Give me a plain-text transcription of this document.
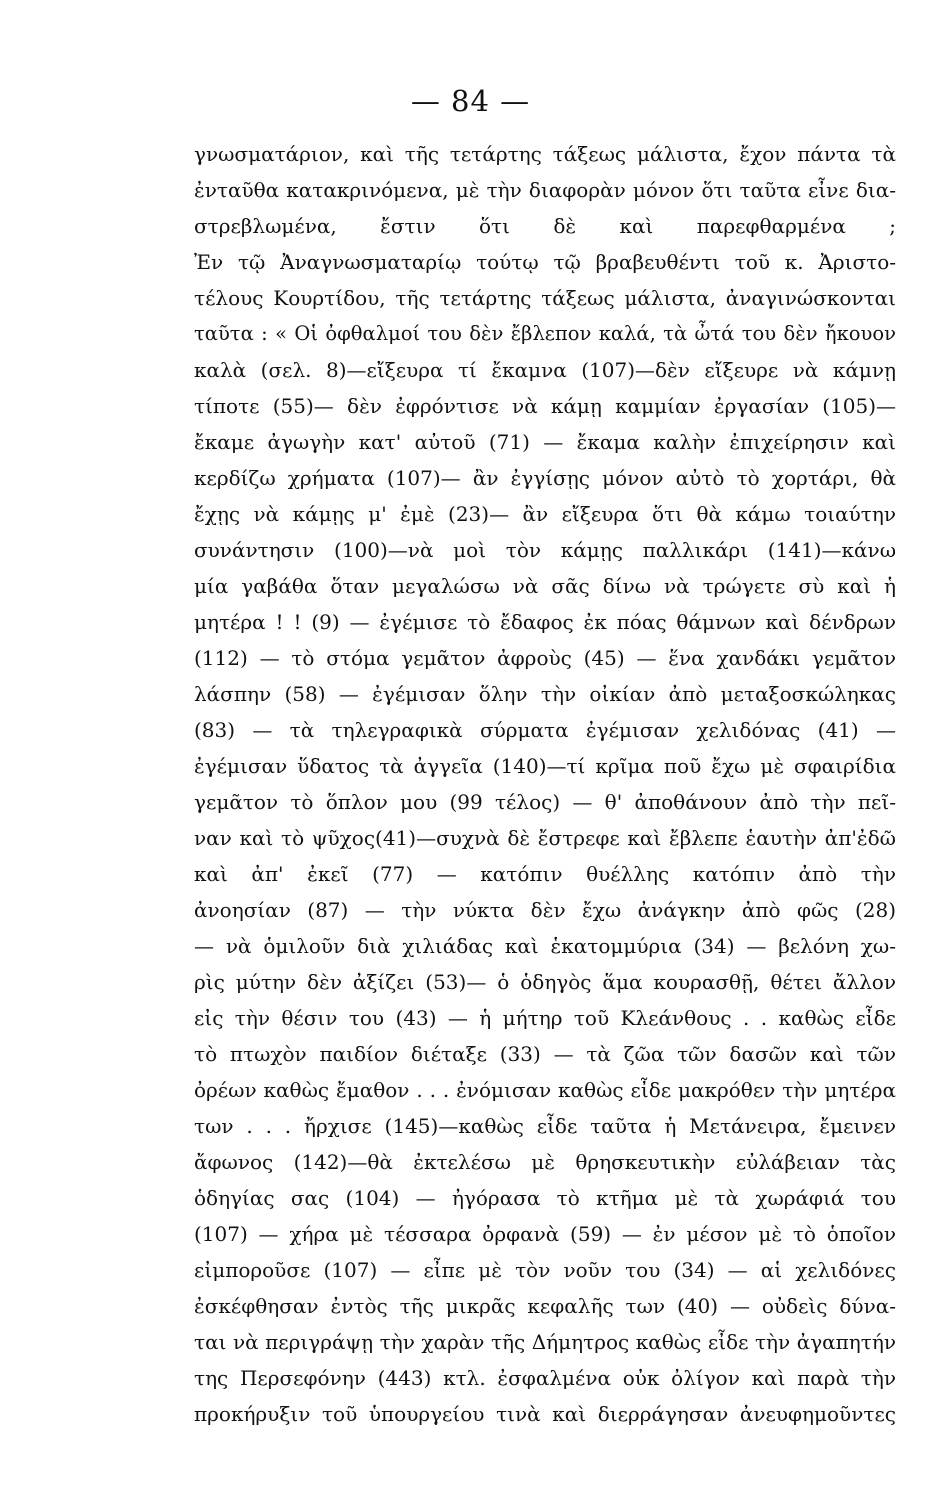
— 84 —
γνωσματάριον, καὶ τῆς τετάρτης τάξεως μάλιστα, ἔχον πάντα τὰ
ἐνταῦθα κατακρινόμενα, μὲ τὴν διαφορὰν μόνον ὅτι ταῦτα εἶνε δια-
στρεβλωμένα, ἔστιν ὅτι δὲ καὶ παρεφθαρμένα ;
Ἐν τῷ Ἀναγνωσματαρίῳ τούτῳ τῷ βραβευθέντι τοῦ κ. Ἀριστο-
τέλους Κουρτίδου, τῆς τετάρτης τάξεως μάλιστα, ἀναγινώσκονται
ταῦτα : « Οἱ ὀφθαλμοί του δὲν ἔβλεπον καλά, τὰ ὦτά του δὲν ἤκουον
καλὰ (σελ. 8)—εἴξευρα τί ἔκαμνα (107)—δὲν εἴξευρε νὰ κάμνῃ
τίποτε (55)— δὲν ἐφρόντισε νὰ κάμῃ καμμίαν ἐργασίαν (105)—
ἔκαμε ἀγωγὴν κατ' αὐτοῦ (71) — ἔκαμα καλὴν ἐπιχείρησιν καὶ
κερδίζω χρήματα (107)— ἂν ἐγγίσῃς μόνον αὐτὸ τὸ χορτάρι, θὰ
ἔχῃς νὰ κάμῃς μ' ἐμὲ (23)— ἂν εἴξευρα ὅτι θὰ κάμω τοιαύτην
συνάντησιν (100)—νὰ μοὶ τὸν κάμῃς παλλικάρι (141)—κάνω
μία γαβάθα ὅταν μεγαλώσω νὰ σᾶς δίνω νὰ τρώγετε σὺ καὶ ἡ
μητέρα ! ! (9) — ἐγέμισε τὸ ἔδαφος ἐκ πόας θάμνων καὶ δένδρων
(112) — τὸ στόμα γεμᾶτον ἀφροὺς (45) — ἕνα χανδάκι γεμᾶτον
λάσπην (58) — ἐγέμισαν ὅλην τὴν οἰκίαν ἀπὸ μεταξοσκώληκας
(83) — τὰ τηλεγραφικὰ σύρματα ἐγέμισαν χελιδόνας (41) —
ἐγέμισαν ὕδατος τὰ ἀγγεῖα (140)—τί κρῖμα ποῦ ἔχω μὲ σφαιρίδια
γεμᾶτον τὸ ὅπλον μου (99 τέλος) — θ' ἀποθάνουν ἀπὸ τὴν πεῖ-
ναν καὶ τὸ ψῦχος(41)—συχνὰ δὲ ἔστρεφε καὶ ἔβλεπε ἑαυτὴν ἀπ'ἐδῶ
καὶ ἀπ' ἐκεῖ (77) — κατόπιν θυέλλης κατόπιν ἀπὸ τὴν
ἀνοησίαν (87) — τὴν νύκτα δὲν ἔχω ἀνάγκην ἀπὸ φῶς (28)
— νὰ ὁμιλοῦν διὰ χιλιάδας καὶ ἑκατομμύρια (34) — βελόνη χω-
ρὶς μύτην δὲν ἀξίζει (53)— ὁ ὁδηγὸς ἅμα κουρασθῇ, θέτει ἄλλον
εἰς τὴν θέσιν του (43) — ἡ μήτηρ τοῦ Κλεάνθους . . καθὼς εἶδε
τὸ πτωχὸν παιδίον διέταξε (33) — τὰ ζῶα τῶν δασῶν καὶ τῶν
ὀρέων καθὼς ἔμαθον . . . ἐνόμισαν καθὼς εἶδε μακρόθεν τὴν μητέρα
των . . . ἤρχισε (145)—καθὼς εἶδε ταῦτα ἡ Μετάνειρα, ἔμεινεν
ἄφωνος (142)—θὰ ἐκτελέσω μὲ θρησκευτικὴν εὐλάβειαν τὰς
ὁδηγίας σας (104) — ἠγόρασα τὸ κτῆμα μὲ τὰ χωράφιά του
(107) — χήρα μὲ τέσσαρα ὀρφανὰ (59) — ἐν μέσον μὲ τὸ ὁποῖον
εἰμποροῦσε (107) — εἶπε μὲ τὸν νοῦν του (34) — αἱ χελιδόνες
ἐσκέφθησαν ἐντὸς τῆς μικρᾶς κεφαλῆς των (40) — οὐδεὶς δύνα-
ται νὰ περιγράψῃ τὴν χαρὰν τῆς Δήμητρος καθὼς εἶδε τὴν ἀγαπητήν
της Περσεφόνην (443) κτλ. ἐσφαλμένα οὐκ ὀλίγον καὶ παρὰ τὴν
προκήρυξιν τοῦ ὑπουργείου τινὰ καὶ διερράγησαν ἀνευφημοῦντες
